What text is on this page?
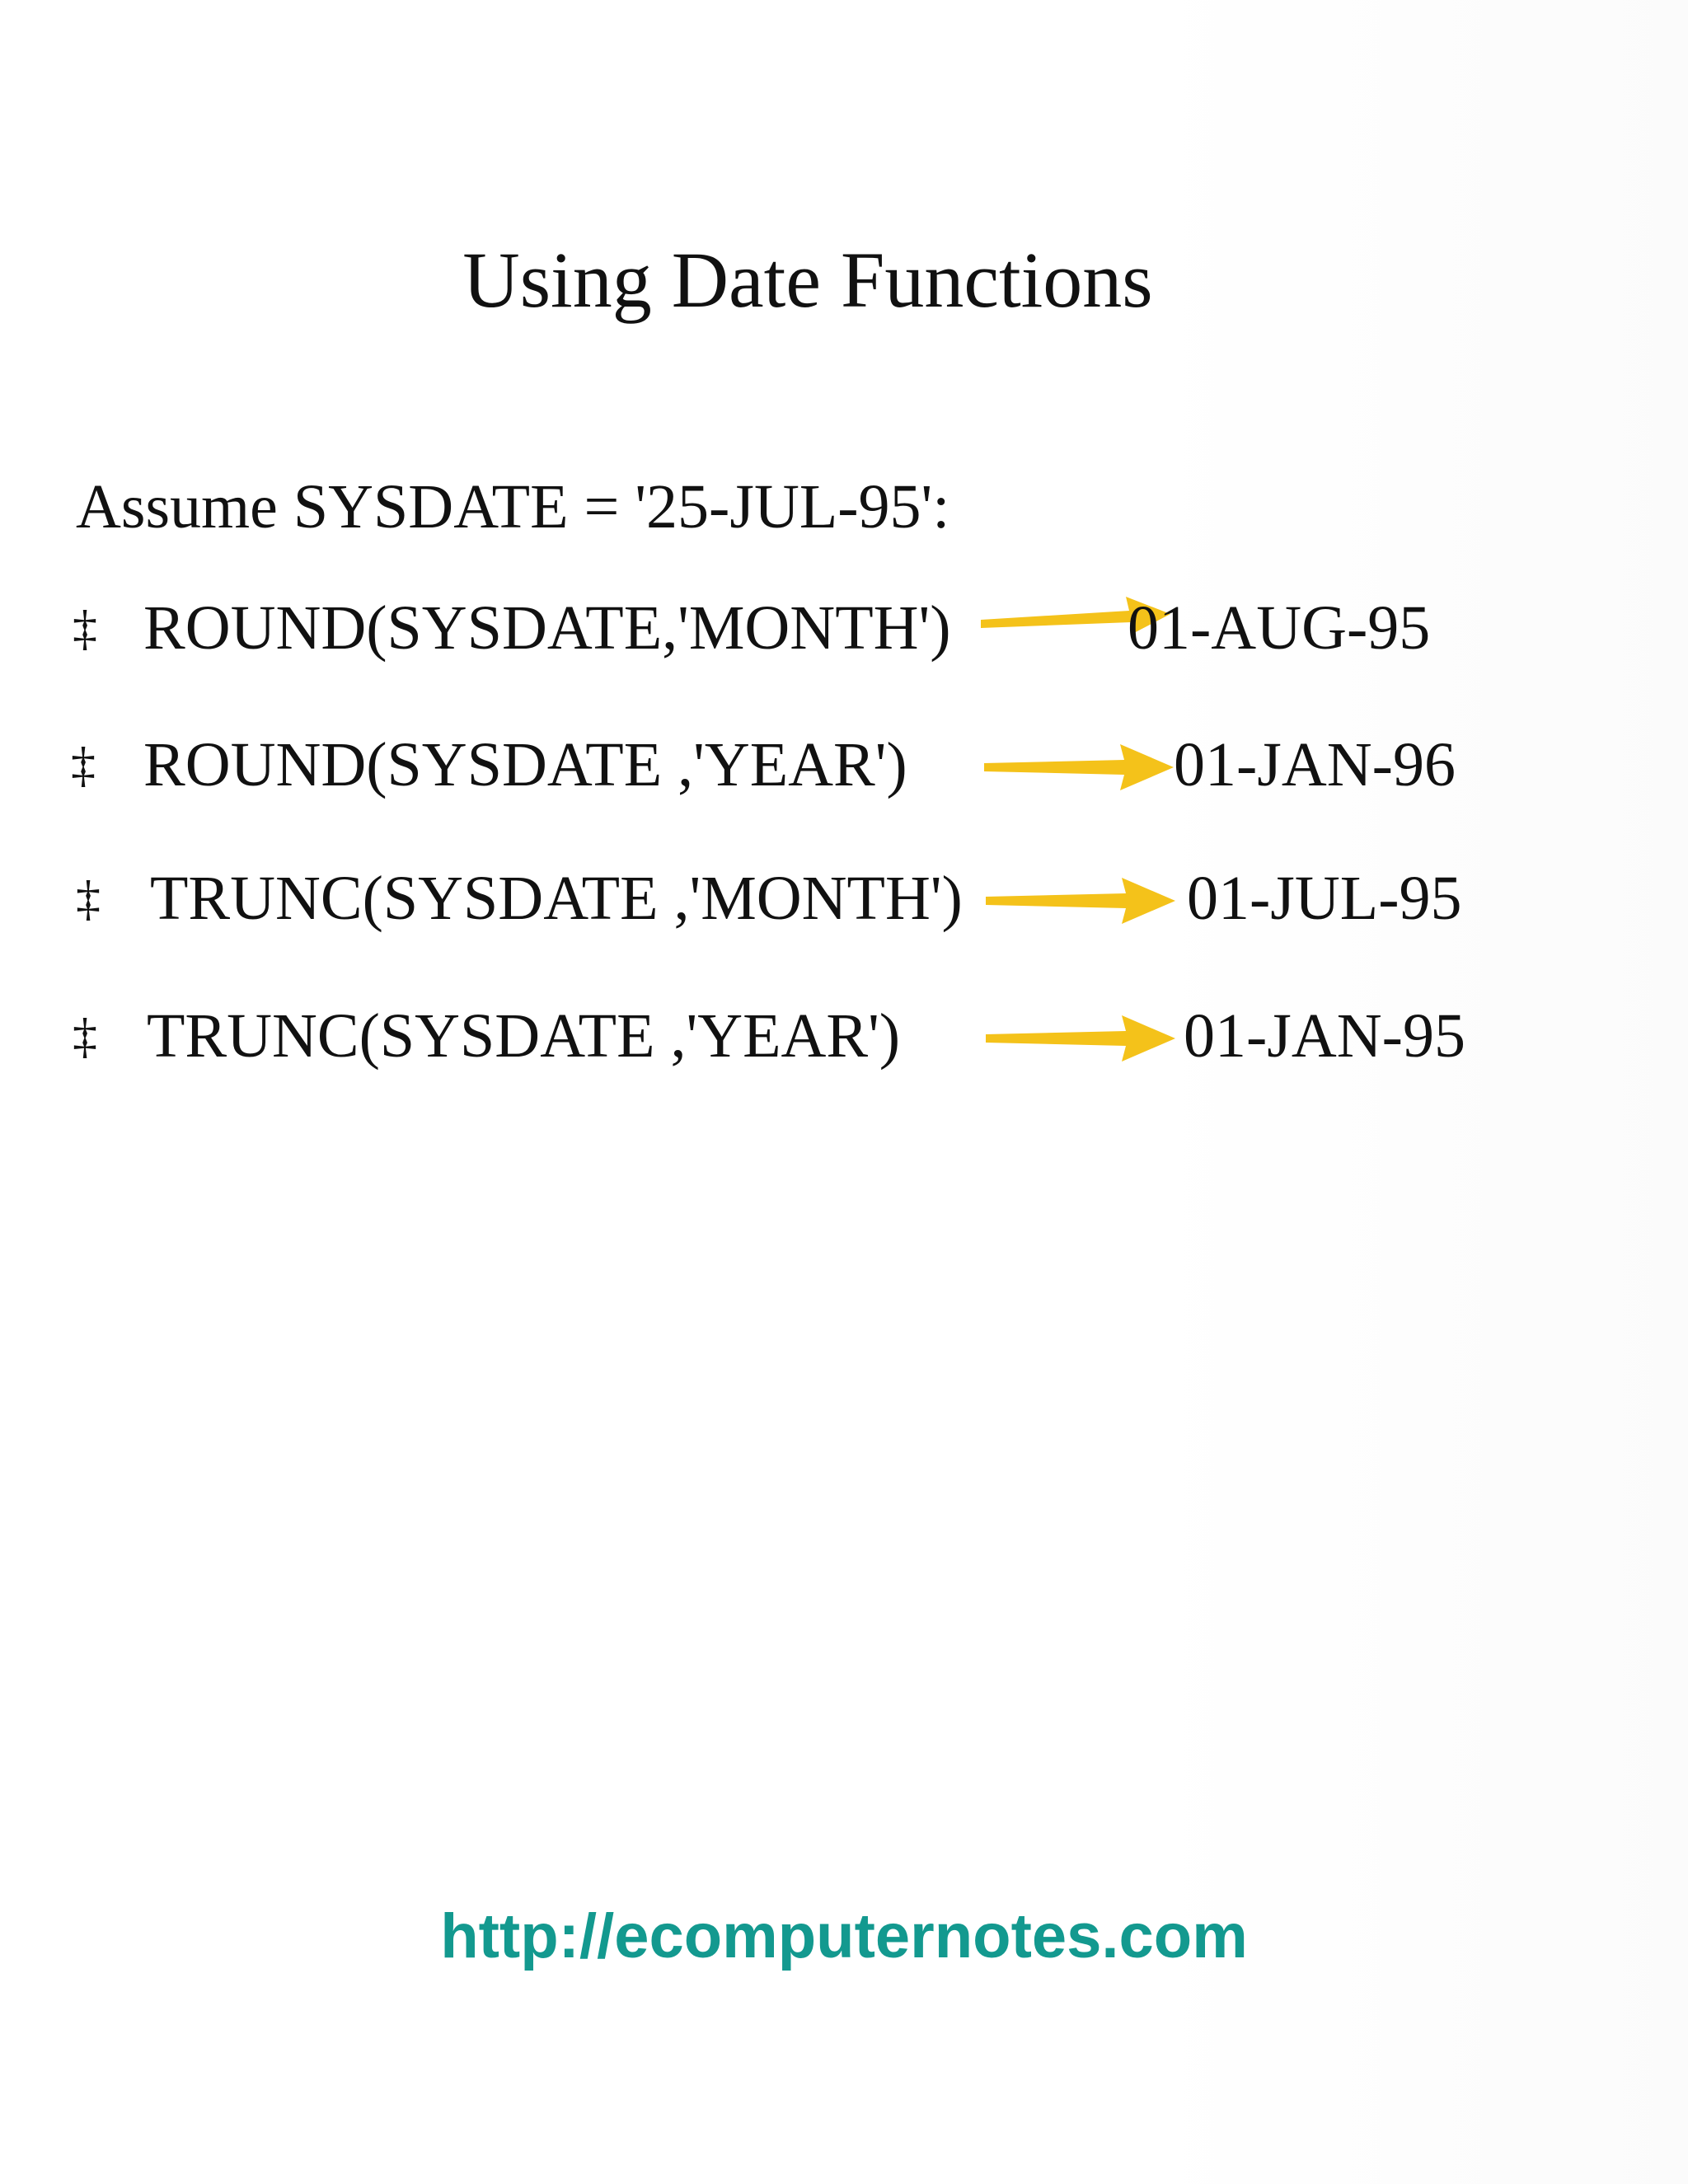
Using Date Functions
Assume SYSDATE = '25-JUL-95':
‡ ROUND(SYSDATE,'MONTH')	01-AUG-95
‡ ROUND(SYSDATE ,'YEAR')	01-JAN-96
‡ TRUNC(SYSDATE ,'MONTH')	01-JUL-95
‡ TRUNC(SYSDATE ,'YEAR')	01-JAN-95
http://ecomputernotes.com
